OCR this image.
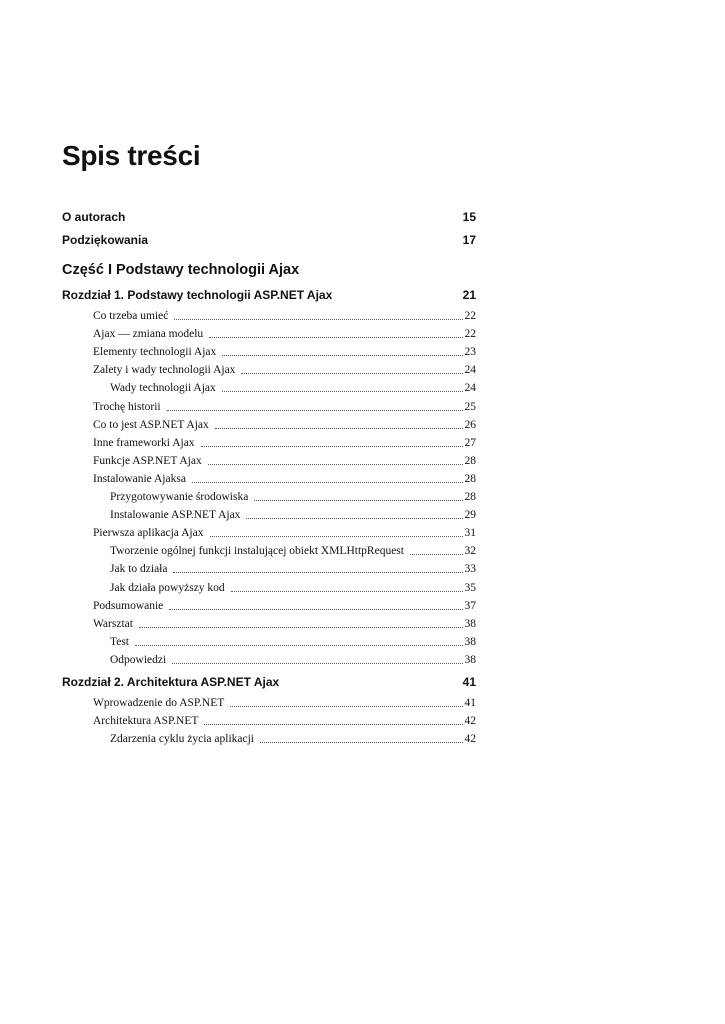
Spis treści
O autorach	15
Podziękowania	17
Część I Podstawy technologii Ajax
Rozdział 1. Podstawy technologii ASP.NET Ajax	21
Co trzeba umieć	22
Ajax — zmiana modelu	22
Elementy technologii Ajax	23
Zalety i wady technologii Ajax	24
Wady technologii Ajax	24
Trochę historii	25
Co to jest ASP.NET Ajax	26
Inne frameworki Ajax	27
Funkcje ASP.NET Ajax	28
Instalowanie Ajaksa	28
Przygotowywanie środowiska	28
Instalowanie ASP.NET Ajax	29
Pierwsza aplikacja Ajax	31
Tworzenie ogólnej funkcji instalującej obiekt XMLHttpRequest	32
Jak to działa	33
Jak działa powyższy kod	35
Podsumowanie	37
Warsztat	38
Test	38
Odpowiedzi	38
Rozdział 2. Architektura ASP.NET Ajax	41
Wprowadzenie do ASP.NET	41
Architektura ASP.NET	42
Zdarzenia cyklu życia aplikacji	42
